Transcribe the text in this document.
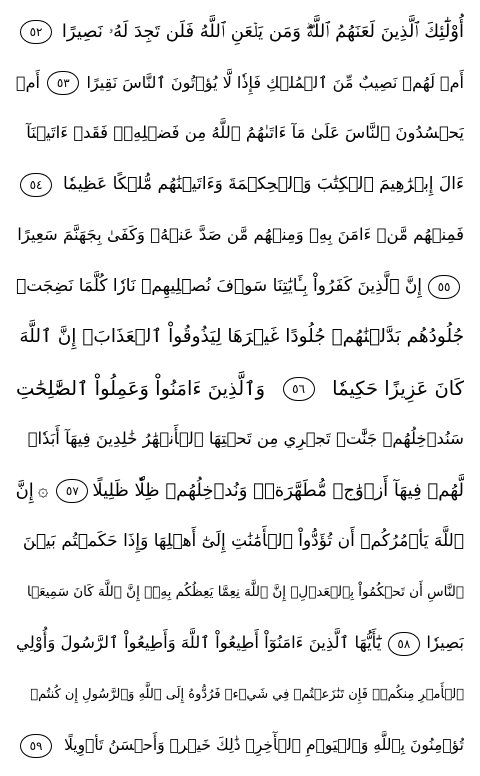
أُوْلَٰٓئِكَ ٱلَّذِينَ لَعَنَهُمُ ٱللَّهُۖ وَمَن يَلۡعَنِ ٱللَّهُ فَلَن تَجِدَ لَهُۥ نَصِيرًا
٥٢
أَمۡ لَهُمۡ نَصِيبٌ مِّنَ ٱلۡمُلۡكِ فَإِذٗا لَّا يُؤۡتُونَ ٱلنَّاسَ نَقِيرًا
٥٣
أَمۡ
يَحۡسُدُونَ ٱلنَّاسَ عَلَىٰ مَآ ءَاتَىٰهُمُ ٱللَّهُ مِن فَضۡلِهِۦۖ فَقَدۡ ءَاتَيۡنَآ
ءَالَ إِبۡرَٰهِيمَ ٱلۡكِتَٰبَ وَٱلۡحِكۡمَةَ وَءَاتَيۡنَٰهُم مُّلۡكًا عَظِيمٗا
٥٤
فَمِنۡهُم مَّنۡ ءَامَنَ بِهِۦ وَمِنۡهُم مَّن صَدَّ عَنۡهُۚ وَكَفَىٰ بِجَهَنَّمَ سَعِيرًا
٥٥
إِنَّ ٱلَّذِينَ كَفَرُواْ بِـَٔايَٰتِنَا سَوۡفَ نُصۡلِيهِمۡ نَارٗا كُلَّمَا نَضِجَتۡ
جُلُودُهُم بَدَّلۡنَٰهُمۡ جُلُودًا غَيۡرَهَا لِيَذُوقُواْ ٱلۡعَذَابَۗ إِنَّ ٱللَّهَ
كَانَ عَزِيزًا حَكِيمٗا
٥٦
وَٱلَّذِينَ ءَامَنُواْ وَعَمِلُواْ ٱلصَّٰلِحَٰتِ
سَنُدۡخِلُهُمۡ جَنَّٰتٖ تَجۡرِي مِن تَحۡتِهَا ٱلۡأَنۡهَٰرُ خَٰلِدِينَ فِيهَآ أَبَدٗاۖ
لَّهُمۡ فِيهَآ أَزۡوَٰجٞ مُّطَهَّرَةٞۖ وَنُدۡخِلُهُمۡ ظِلّٗا ظَلِيلًا
٥٧
۞
إِنَّ
ٱللَّهَ يَأۡمُرُكُمۡ أَن تُؤَدُّواْ ٱلۡأَمَٰنَٰتِ إِلَىٰٓ أَهۡلِهَا وَإِذَا حَكَمۡتُم بَيۡنَ
ٱلنَّاسِ أَن تَحۡكُمُواْ بِٱلۡعَدۡلِۚ إِنَّ ٱللَّهَ نِعِمَّا يَعِظُكُم بِهِۦٓۗ إِنَّ ٱللَّهَ كَانَ سَمِيعَۢا
بَصِيرٗا
٥٨
يَٰٓأَيُّهَا ٱلَّذِينَ ءَامَنُوٓاْ أَطِيعُواْ ٱللَّهَ وَأَطِيعُواْ ٱلرَّسُولَ وَأُوْلِي
ٱلۡأَمۡرِ مِنكُمۡۖ فَإِن تَنَٰزَعۡتُمۡ فِي شَيۡءٖ فَرُدُّوهُ إِلَى ٱللَّهِ وَٱلرَّسُولِ إِن كُنتُمۡ
تُؤۡمِنُونَ بِٱللَّهِ وَٱلۡيَوۡمِ ٱلۡأٓخِرِۚ ذَٰلِكَ خَيۡرٞ وَأَحۡسَنُ تَأۡوِيلًا
٥٩
